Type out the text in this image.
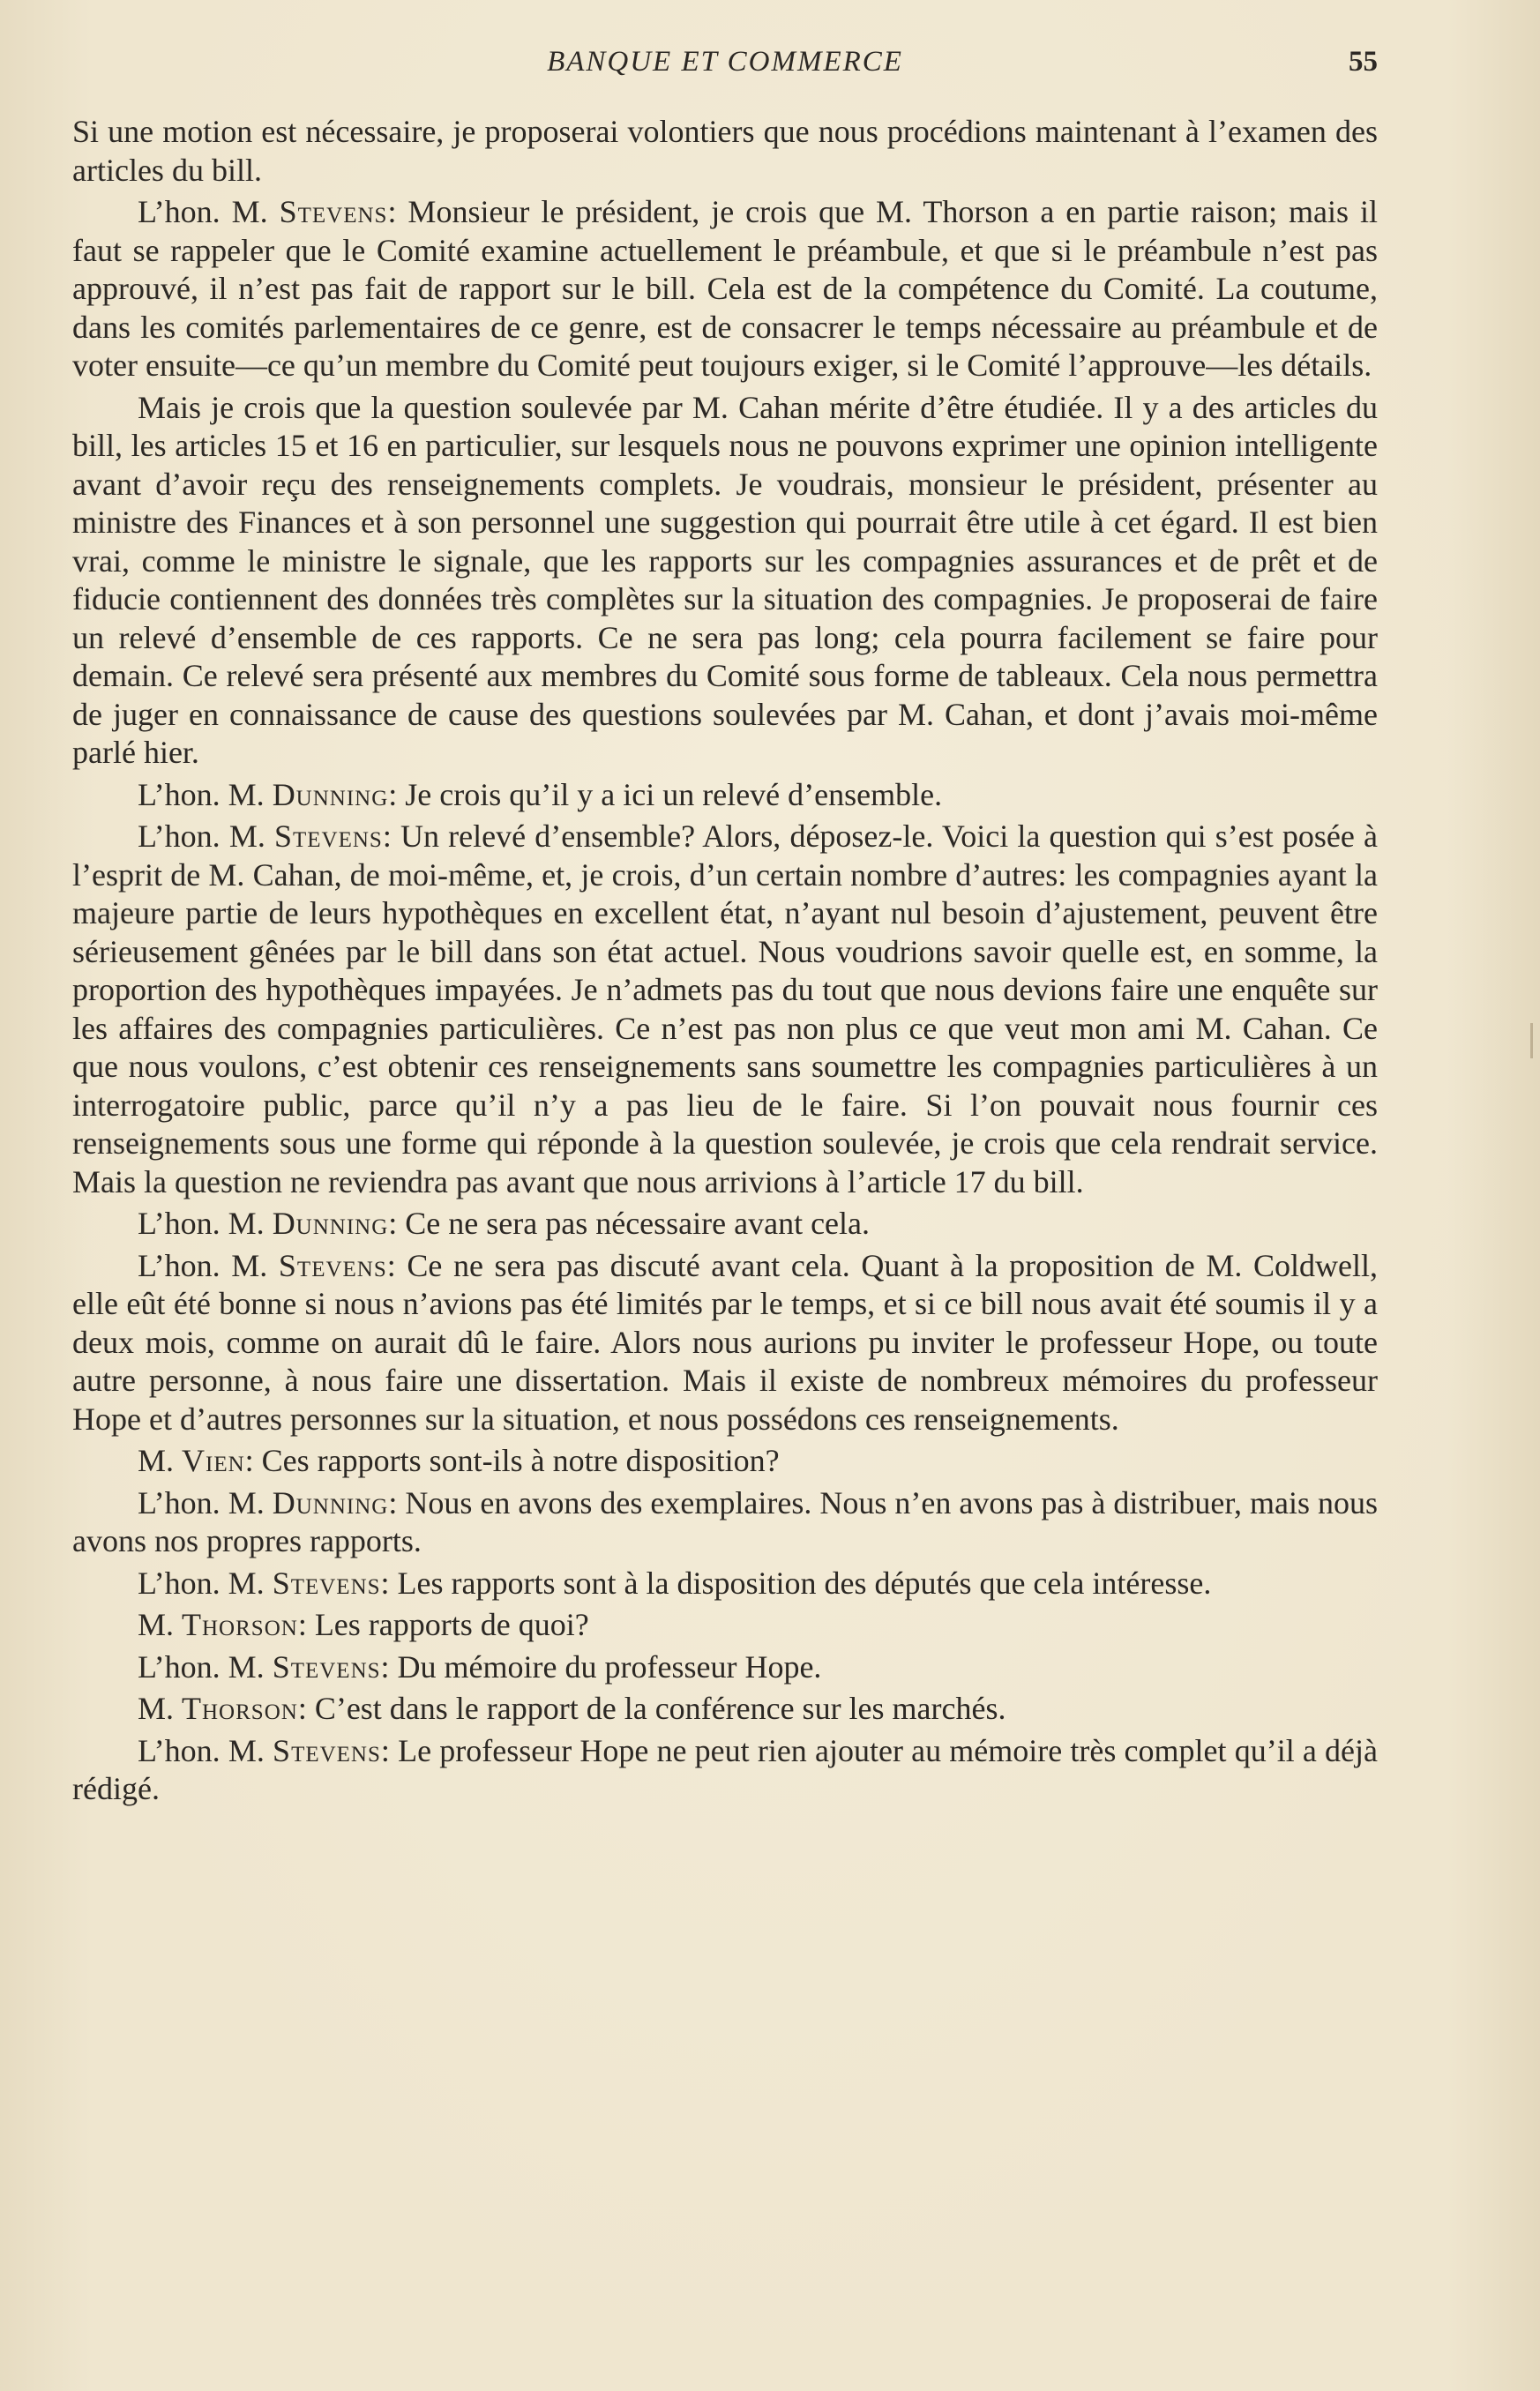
BANQUE ET COMMERCE	55

Si une motion est nécessaire, je proposerai volontiers que nous procédions maintenant à l’examen des articles du bill.

L’hon. M. Stevens: Monsieur le président, je crois que M. Thorson a en partie raison; mais il faut se rappeler que le Comité examine actuellement le préambule, et que si le préambule n’est pas approuvé, il n’est pas fait de rapport sur le bill. Cela est de la compétence du Comité. La coutume, dans les comités parlementaires de ce genre, est de consacrer le temps nécessaire au préambule et de voter ensuite—ce qu’un membre du Comité peut toujours exiger, si le Comité l’approuve—les détails.

Mais je crois que la question soulevée par M. Cahan mérite d’être étudiée. Il y a des articles du bill, les articles 15 et 16 en particulier, sur lesquels nous ne pouvons exprimer une opinion intelligente avant d’avoir reçu des renseignements complets. Je voudrais, monsieur le président, présenter au ministre des Finances et à son personnel une suggestion qui pourrait être utile à cet égard. Il est bien vrai, comme le ministre le signale, que les rapports sur les compagnies assurances et de prêt et de fiducie contiennent des données très complètes sur la situation des compagnies. Je proposerai de faire un relevé d’ensemble de ces rapports. Ce ne sera pas long; cela pourra facilement se faire pour demain. Ce relevé sera présenté aux membres du Comité sous forme de tableaux. Cela nous permettra de juger en connaissance de cause des questions soulevées par M. Cahan, et dont j’avais moi-même parlé hier.

L’hon. M. Dunning: Je crois qu’il y a ici un relevé d’ensemble.

L’hon. M. Stevens: Un relevé d’ensemble? Alors, déposez-le. Voici la question qui s’est posée à l’esprit de M. Cahan, de moi-même, et, je crois, d’un certain nombre d’autres: les compagnies ayant la majeure partie de leurs hypothèques en excellent état, n’ayant nul besoin d’ajustement, peuvent être sérieusement gênées par le bill dans son état actuel. Nous voudrions savoir quelle est, en somme, la proportion des hypothèques impayées. Je n’admets pas du tout que nous devions faire une enquête sur les affaires des compagnies particulières. Ce n’est pas non plus ce que veut mon ami M. Cahan. Ce que nous voulons, c’est obtenir ces renseignements sans soumettre les compagnies particulières à un interrogatoire public, parce qu’il n’y a pas lieu de le faire. Si l’on pouvait nous fournir ces renseignements sous une forme qui réponde à la question soulevée, je crois que cela rendrait service. Mais la question ne reviendra pas avant que nous arrivions à l’article 17 du bill.

L’hon. M. Dunning: Ce ne sera pas nécessaire avant cela.

L’hon. M. Stevens: Ce ne sera pas discuté avant cela. Quant à la proposition de M. Coldwell, elle eût été bonne si nous n’avions pas été limités par le temps, et si ce bill nous avait été soumis il y a deux mois, comme on aurait dû le faire. Alors nous aurions pu inviter le professeur Hope, ou toute autre personne, à nous faire une dissertation. Mais il existe de nombreux mémoires du professeur Hope et d’autres personnes sur la situation, et nous possédons ces renseignements.

M. Vien: Ces rapports sont-ils à notre disposition?

L’hon. M. Dunning: Nous en avons des exemplaires. Nous n’en avons pas à distribuer, mais nous avons nos propres rapports.

L’hon. M. Stevens: Les rapports sont à la disposition des députés que cela intéresse.

M. Thorson: Les rapports de quoi?

L’hon. M. Stevens: Du mémoire du professeur Hope.

M. Thorson: C’est dans le rapport de la conférence sur les marchés.

L’hon. M. Stevens: Le professeur Hope ne peut rien ajouter au mémoire très complet qu’il a déjà rédigé.
